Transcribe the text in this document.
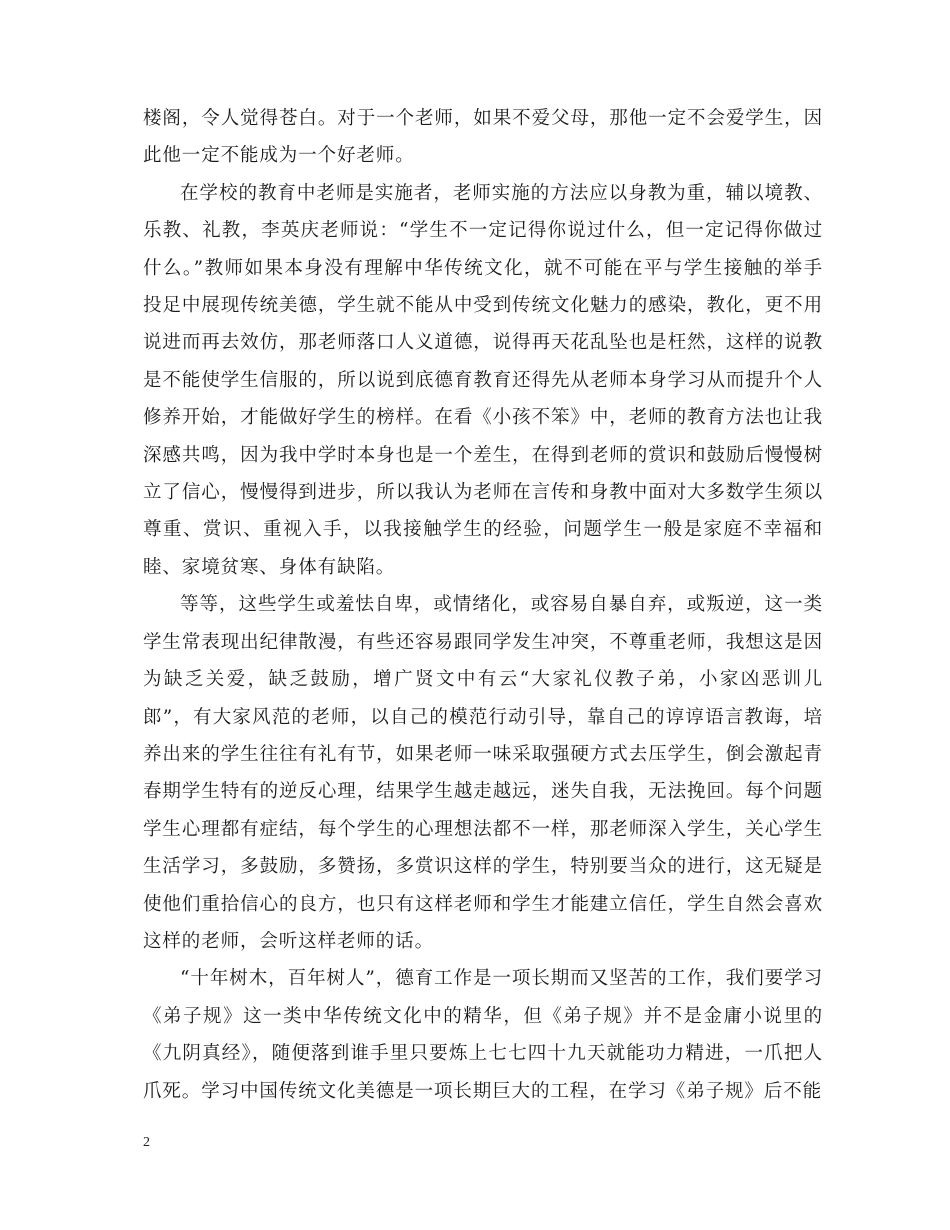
楼阁，令人觉得苍白。对于一个老师，如果不爱父母，那他一定不会爱学生，因此他一定不能成为一个好老师。

在学校的教育中老师是实施者，老师实施的方法应以身教为重，辅以境教、乐教、礼教，李英庆老师说：“学生不一定记得你说过什么，但一定记得你做过什么。”教师如果本身没有理解中华传统文化，就不可能在平与学生接触的举手投足中展现传统美德，学生就不能从中受到传统文化魅力的感染，教化，更不用说进而再去效仿，那老师落口人义道德，说得再天花乱坠也是枉然，这样的说教是不能使学生信服的，所以说到底德育教育还得先从老师本身学习从而提升个人修养开始，才能做好学生的榜样。在看《小孩不笨》中，老师的教育方法也让我深感共鸣，因为我中学时本身也是一个差生，在得到老师的赏识和鼓励后慢慢树立了信心，慢慢得到进步，所以我认为老师在言传和身教中面对大多数学生须以尊重、赏识、重视入手，以我接触学生的经验，问题学生一般是家庭不幸福和睦、家境贫寒、身体有缺陷。

等等，这些学生或羞怯自卑，或情绪化，或容易自暴自弃，或叛逆，这一类学生常表现出纪律散漫，有些还容易跟同学发生冲突，不尊重老师，我想这是因为缺乏关爱，缺乏鼓励，增广贤文中有云“大家礼仪教子弟，小家凶恶训儿郎”，有大家风范的老师，以自己的模范行动引导，靠自己的谆谆语言教诲，培养出来的学生往往有礼有节，如果老师一味采取强硬方式去压学生，倒会激起青春期学生特有的逆反心理，结果学生越走越远，迷失自我，无法挽回。每个问题学生心理都有症结，每个学生的心理想法都不一样，那老师深入学生，关心学生生活学习，多鼓励，多赞扬，多赏识这样的学生，特别要当众的进行，这无疑是使他们重拾信心的良方，也只有这样老师和学生才能建立信任，学生自然会喜欢这样的老师，会听这样老师的话。

“十年树木，百年树人”，德育工作是一项长期而又坚苦的工作，我们要学习《弟子规》这一类中华传统文化中的精华，但《弟子规》并不是金庸小说里的《九阴真经》，随便落到谁手里只要炼上七七四十九天就能功力精进，一爪把人爪死。学习中国传统文化美德是一项长期巨大的工程，在学习《弟子规》后不能

2
